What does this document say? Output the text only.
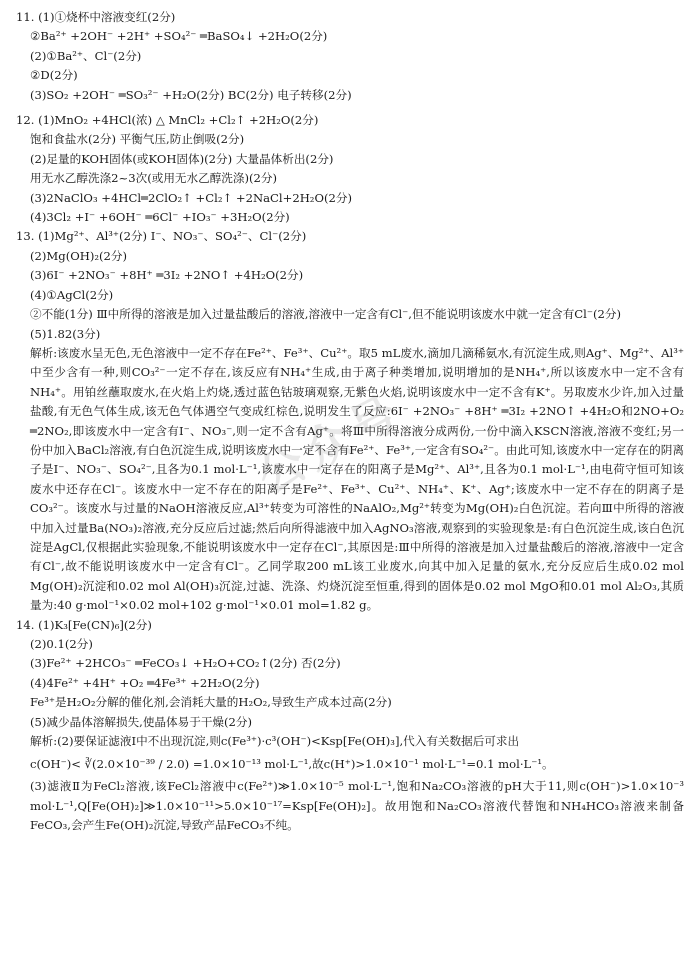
11. (1)①烧杯中溶液变红(2分)
②Ba²⁺ +2OH⁻ +2H⁺ +SO₄²⁻ ═BaSO₄↓ +2H₂O(2分)
(2)①Ba²⁺、Cl⁻(2分)
②D(2分)
(3)SO₂ +2OH⁻ ═SO₃²⁻ +H₂O(2分) BC(2分) 电子转移(2分)
12. (1)MnO₂ +4HCl(浓) △ MnCl₂ +Cl₂↑ +2H₂O(2分)
饱和食盐水(2分) 平衡气压,防止倒吸(2分)
(2)足量的KOH固体(或KOH固体)(2分) 大量晶体析出(2分)
用无水乙醇洗涤2~3次(或用无水乙醇洗涤)(2分)
(3)2NaClO₃ +4HCl═2ClO₂↑ +Cl₂↑ +2NaCl+2H₂O(2分)
(4)3Cl₂ +I⁻ +6OH⁻ ═6Cl⁻ +IO₃⁻ +3H₂O(2分)
13. (1)Mg²⁺、Al³⁺(2分) I⁻、NO₃⁻、SO₄²⁻、Cl⁻(2分)
(2)Mg(OH)₂(2分)
(3)6I⁻ +2NO₃⁻ +8H⁺ ═3I₂ +2NO↑ +4H₂O(2分)
(4)①AgCl(2分)
②不能(1分) Ⅲ中所得的溶液是加入过量盐酸后的溶液,溶液中一定含有Cl⁻,但不能说明该废水中就一定含有Cl⁻(2分)
(5)1.82(3分)
解析:该废水呈无色,无色溶液中一定不存在Fe²⁺、Fe³⁺、Cu²⁺。取5 mL废水,滴加几滴稀氨水,有沉淀生成,则Ag⁺、Mg²⁺、Al³⁺中至少含有一种,则CO₃²⁻一定不存在,该反应有NH₄⁺生成,由于离子种类增加,说明增加的是NH₄⁺,所以该废水中一定不含有NH₄⁺。用铂丝蘸取废水,在火焰上灼烧,透过蓝色钴玻璃观察,无紫色火焰,说明该废水中一定不含有K⁺。另取废水少许,加入过量盐酸,有无色气体生成,该无色气体遇空气变成红棕色,说明发生了反应:6I⁻ +2NO₃⁻ +8H⁺ ═3I₂ +2NO↑ +4H₂O和2NO+O₂ ═2NO₂,即该废水中一定含有I⁻、NO₃⁻,则一定不含有Ag⁺。将Ⅲ中所得溶液分成两份,一份中滴入KSCN溶液,溶液不变红;另一份中加入BaCl₂溶液,有白色沉淀生成,说明该废水中一定不含有Fe²⁺、Fe³⁺,一定含有SO₄²⁻。由此可知,该废水中一定存在的阴离子是I⁻、NO₃⁻、SO₄²⁻,且各为0.1 mol·L⁻¹,该废水中一定存在的阳离子是Mg²⁺、Al³⁺,且各为0.1 mol·L⁻¹,由电荷守恒可知该废水中还存在Cl⁻。该废水中一定不存在的阳离子是Fe²⁺、Fe³⁺、Cu²⁺、NH₄⁺、K⁺、Ag⁺;该废水中一定不存在的阴离子是CO₃²⁻。该废水与过量的NaOH溶液反应,Al³⁺转变为可溶性的NaAlO₂,Mg²⁺转变为Mg(OH)₂白色沉淀。若向Ⅲ中所得的溶液中加入过量Ba(NO₃)₂溶液,充分反应后过滤;然后向所得滤液中加入AgNO₃溶液,观察到的实验现象是:有白色沉淀生成,该白色沉淀是AgCl,仅根据此实验现象,不能说明该废水中一定存在Cl⁻,其原因是:Ⅲ中所得的溶液是加入过量盐酸后的溶液,溶液中一定含有Cl⁻,故不能说明该废水中一定含有Cl⁻。乙同学取200 mL该工业废水,向其中加入足量的氨水,充分反应后生成0.02 mol Mg(OH)₂沉淀和0.02 mol Al(OH)₃沉淀,过滤、洗涤、灼烧沉淀至恒重,得到的固体是0.02 mol MgO和0.01 mol Al₂O₃,其质量为:40 g·mol⁻¹×0.02 mol+102 g·mol⁻¹×0.01 mol=1.82 g。
14. (1)K₃[Fe(CN)₆](2分)
(2)0.1(2分)
(3)Fe²⁺ +2HCO₃⁻ ═FeCO₃↓ +H₂O+CO₂↑(2分) 否(2分)
(4)4Fe²⁺ +4H⁺ +O₂ ═4Fe³⁺ +2H₂O(2分)
Fe³⁺是H₂O₂分解的催化剂,会消耗大量的H₂O₂,导致生产成本过高(2分)
(5)减少晶体溶解损失,使晶体易于干燥(2分)
解析:(2)要保证滤液Ⅰ中不出现沉淀,则c(Fe³⁺)·c³(OH⁻)<Ksp[Fe(OH)₃],代入有关数据后可求出
c(OH⁻)< ∛(2.0×10⁻³⁹ / 2.0) =1.0×10⁻¹³ mol·L⁻¹,故c(H⁺)>1.0×10⁻¹ mol·L⁻¹=0.1 mol·L⁻¹。
(3)滤液Ⅱ为FeCl₂溶液,该FeCl₂溶液中c(Fe²⁺)≫1.0×10⁻⁵ mol·L⁻¹,饱和Na₂CO₃溶液的pH大于11,则c(OH⁻)>1.0×10⁻³ mol·L⁻¹,Q[Fe(OH)₂]≫1.0×10⁻¹¹>5.0×10⁻¹⁷=Ksp[Fe(OH)₂]。故用饱和Na₂CO₃溶液代替饱和NH₄HCO₃溶液来制备FeCO₃,会产生Fe(OH)₂沉淀,导致产品FeCO₃不纯。
公众号
